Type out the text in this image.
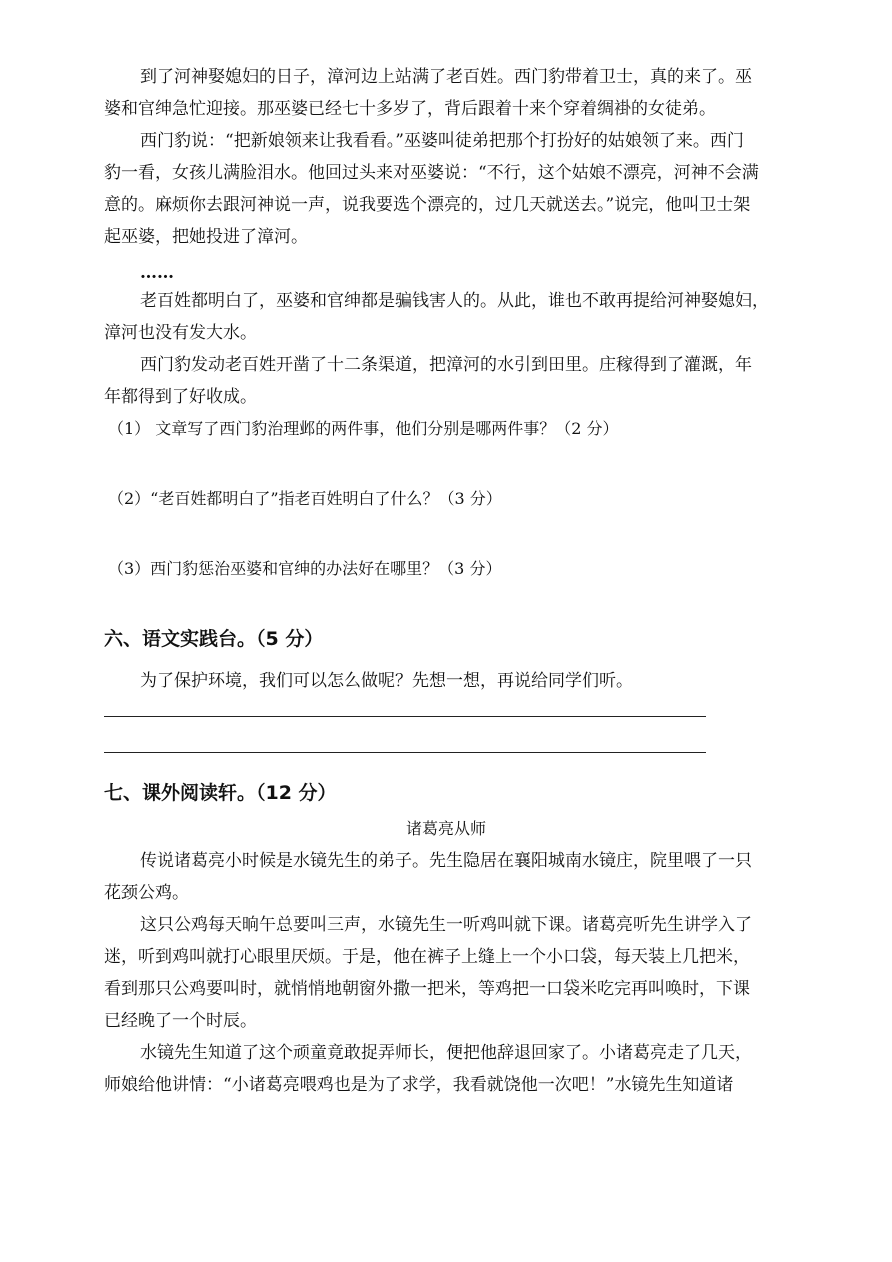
到了河神娶媳妇的日子，漳河边上站满了老百姓。西门豹带着卫士，真的来了。巫
婆和官绅急忙迎接。那巫婆已经七十多岁了，背后跟着十来个穿着绸褂的女徒弟。
西门豹说：“把新娘领来让我看看。”巫婆叫徒弟把那个打扮好的姑娘领了来。西门
豹一看，女孩儿满脸泪水。他回过头来对巫婆说：“不行，这个姑娘不漂亮，河神不会满
意的。麻烦你去跟河神说一声，说我要选个漂亮的，过几天就送去。”说完，他叫卫士架
起巫婆，把她投进了漳河。
……
老百姓都明白了，巫婆和官绅都是骗钱害人的。从此，谁也不敢再提给河神娶媳妇，
漳河也没有发大水。
西门豹发动老百姓开凿了十二条渠道，把漳河的水引到田里。庄稼得到了灌溉，年
年都得到了好收成。
（1） 文章写了西门豹治理邺的两件事，他们分别是哪两件事？（2 分）
（2）“老百姓都明白了”指老百姓明白了什么？（3 分）
（3）西门豹惩治巫婆和官绅的办法好在哪里？（3 分）
六、语文实践台。（5 分）
为了保护环境，我们可以怎么做呢？先想一想，再说给同学们听。
七、课外阅读轩。（12 分）
诸葛亮从师
传说诸葛亮小时候是水镜先生的弟子。先生隐居在襄阳城南水镜庄，院里喂了一只
花颈公鸡。
这只公鸡每天晌午总要叫三声，水镜先生一听鸡叫就下课。诸葛亮听先生讲学入了
迷，听到鸡叫就打心眼里厌烦。于是，他在裤子上缝上一个小口袋，每天装上几把米，
看到那只公鸡要叫时，就悄悄地朝窗外撒一把米，等鸡把一口袋米吃完再叫唤时，下课
已经晚了一个时辰。
水镜先生知道了这个顽童竟敢捉弄师长，便把他辞退回家了。小诸葛亮走了几天，
师娘给他讲情：“小诸葛亮喂鸡也是为了求学，我看就饶他一次吧！”水镜先生知道诸
